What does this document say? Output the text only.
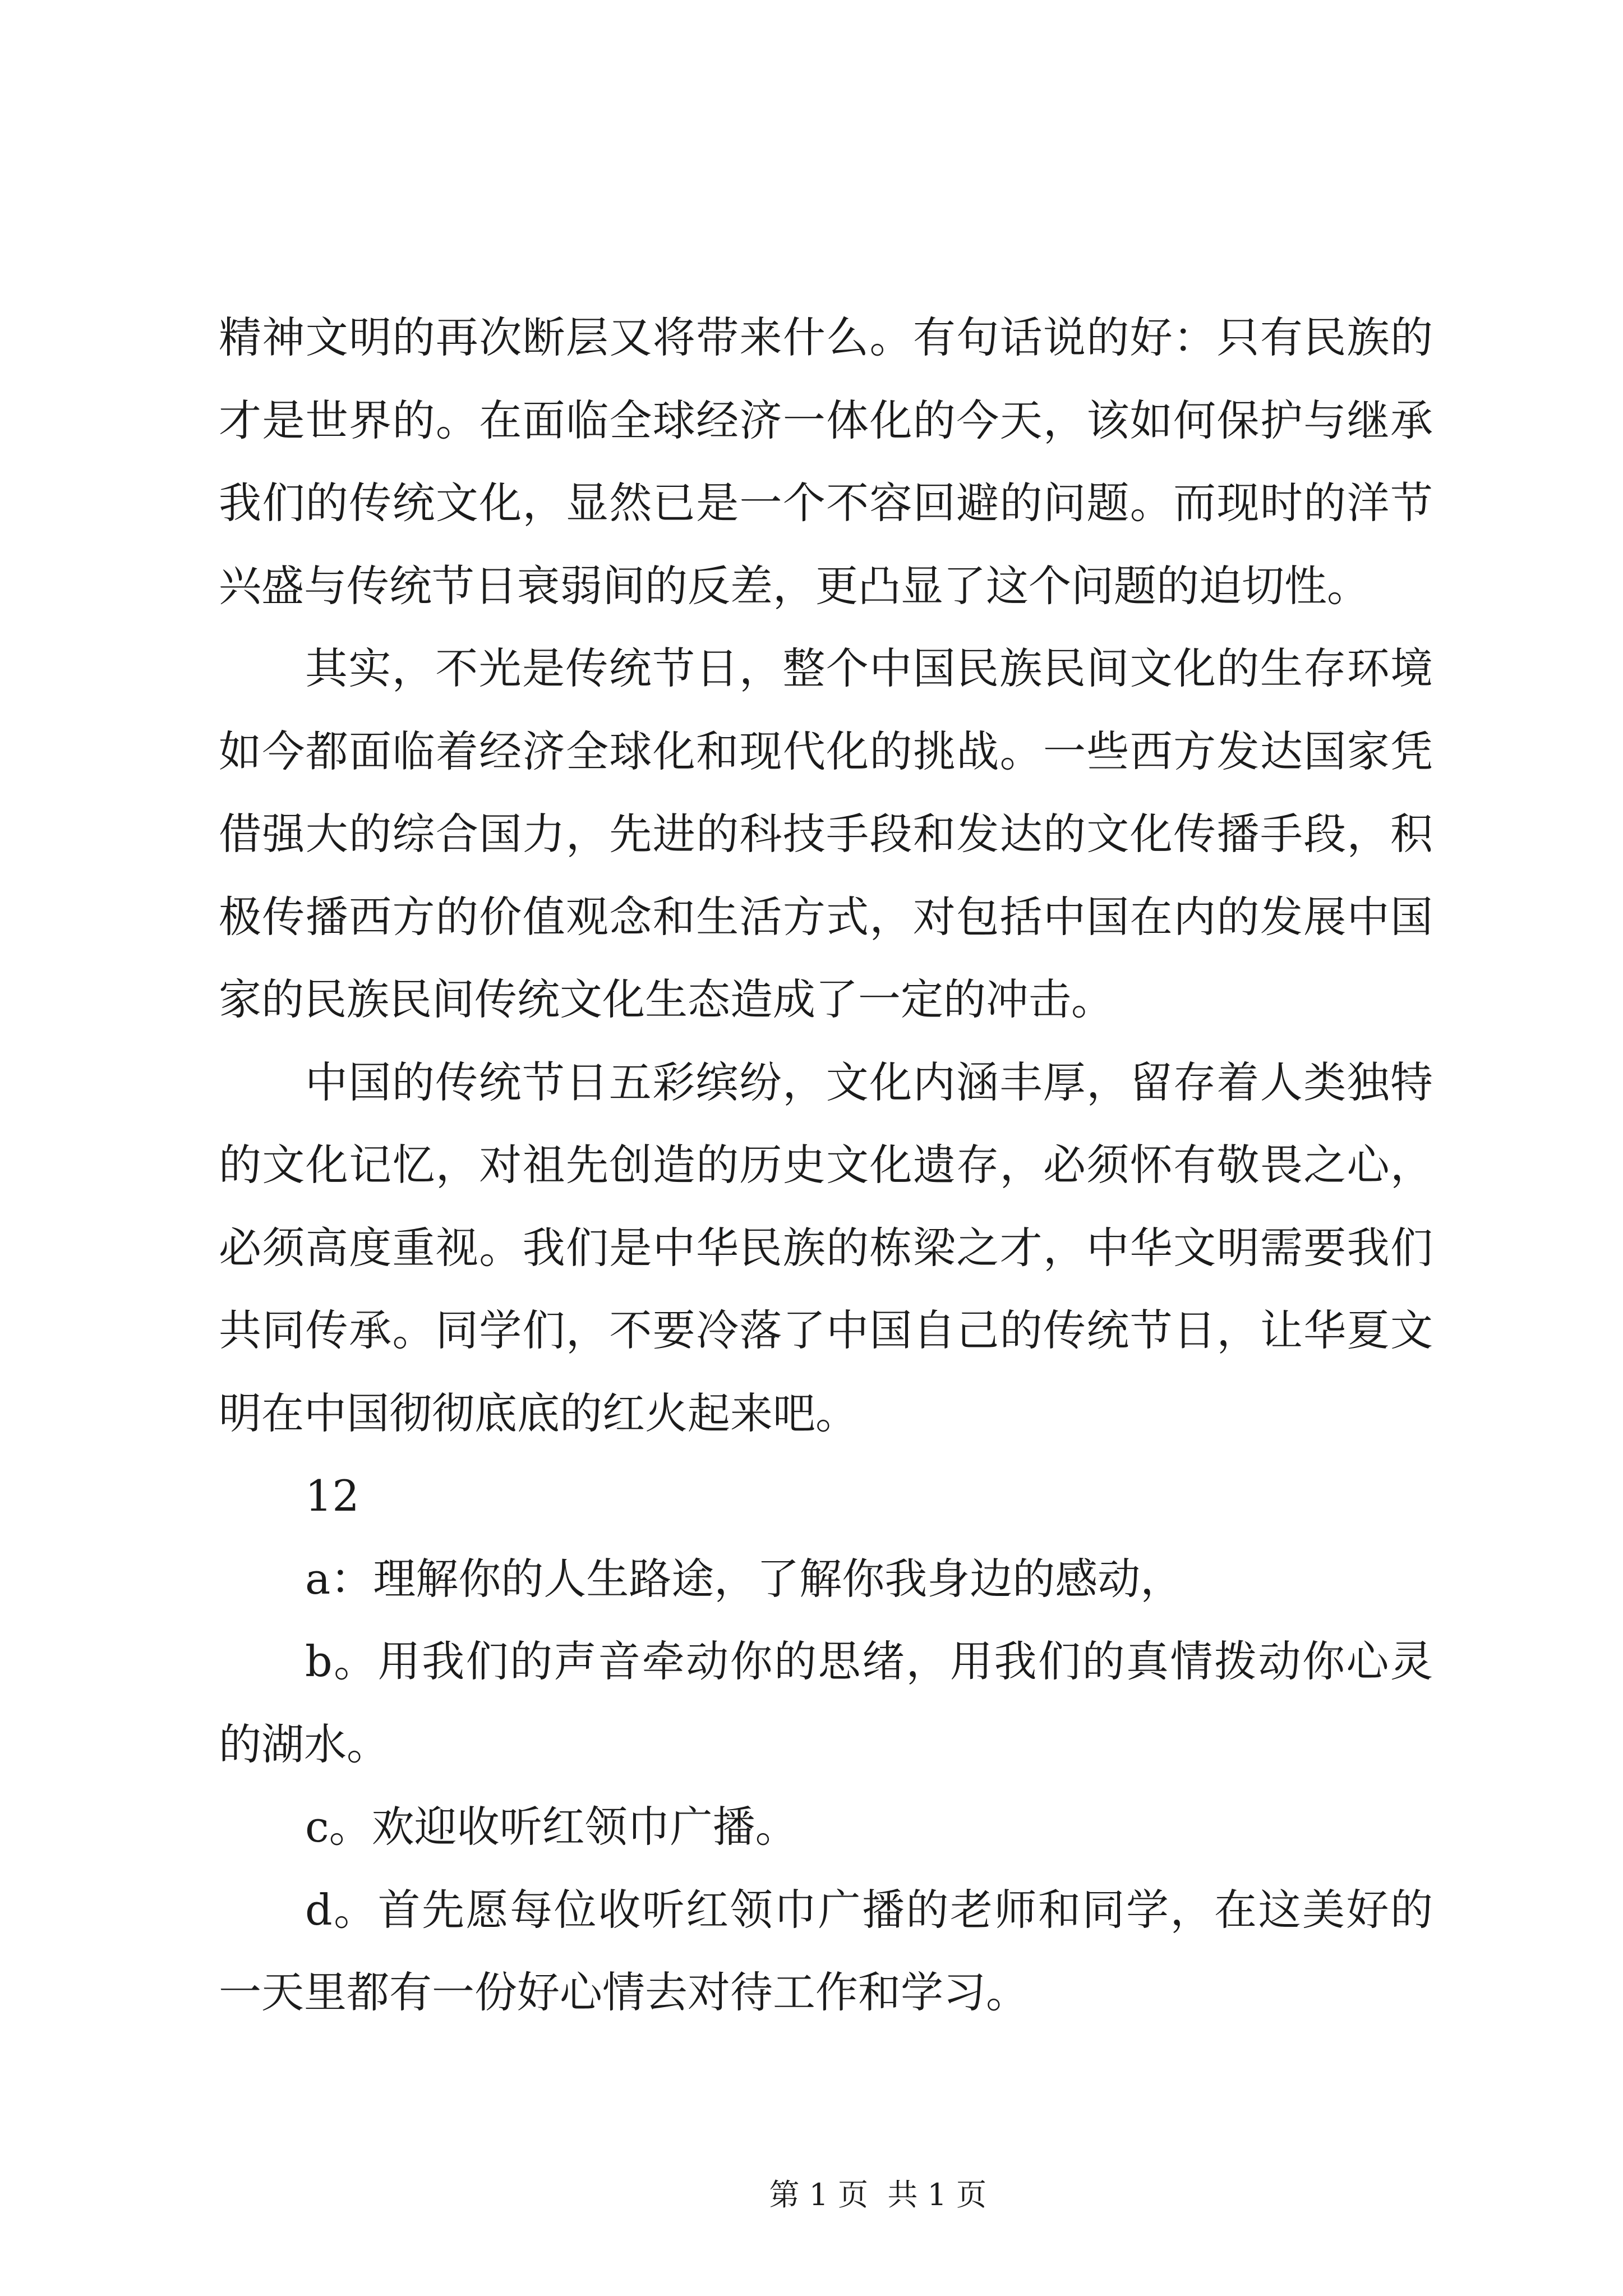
精神文明的再次断层又将带来什么。有句话说的好：只有民族的
才是世界的。在面临全球经济一体化的今天，该如何保护与继承
我们的传统文化，显然已是一个不容回避的问题。而现时的洋节
兴盛与传统节日衰弱间的反差，更凸显了这个问题的迫切性。
其实，不光是传统节日，整个中国民族民间文化的生存环境
如今都面临着经济全球化和现代化的挑战。一些西方发达国家凭
借强大的综合国力，先进的科技手段和发达的文化传播手段，积
极传播西方的价值观念和生活方式，对包括中国在内的发展中国
家的民族民间传统文化生态造成了一定的冲击。
中国的传统节日五彩缤纷，文化内涵丰厚，留存着人类独特
的文化记忆，对祖先创造的历史文化遗存，必须怀有敬畏之心，
必须高度重视。我们是中华民族的栋梁之才，中华文明需要我们
共同传承。同学们，不要冷落了中国自己的传统节日，让华夏文
明在中国彻彻底底的红火起来吧。
12
a：理解你的人生路途，了解你我身边的感动，
b。用我们的声音牵动你的思绪，用我们的真情拨动你心灵
的湖水。
c。欢迎收听红领巾广播。
d。首先愿每位收听红领巾广播的老师和同学，在这美好的
一天里都有一份好心情去对待工作和学习。

第 1 页  共 1 页
